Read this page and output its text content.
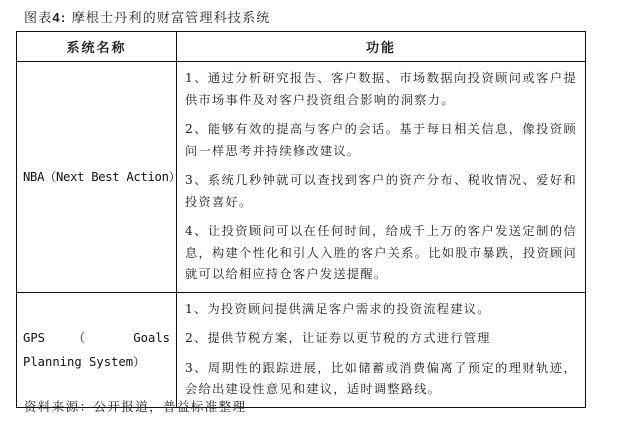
图表4: 摩根士丹利的财富管理科技系统
系统名称	功能
NBA（Next Best Action）	1、通过分析研究报告、客户数据、市场数据向投资顾问或客户提供市场事件及对客户投资组合影响的洞察力。
2、能够有效的提高与客户的会话。基于每日相关信息，像投资顾问一样思考并持续修改建议。
3、系统几秒钟就可以查找到客户的资产分布、税收情况、爱好和投资喜好。
4、让投资顾问可以在任何时间，给成千上万的客户发送定制的信息，构建个性化和引人入胜的客户关系。比如股市暴跌，投资顾问就可以给相应持仓客户发送提醒。

GPS （ Goals Planning System）	1、为投资顾问提供满足客户需求的投资流程建议。
2、提供节税方案，让证券以更节税的方式进行管理
3、周期性的跟踪进展，比如储蓄或消费偏离了预定的理财轨迹，会给出建设性意见和建议，适时调整路线。
资料来源：公开报道，普益标准整理
